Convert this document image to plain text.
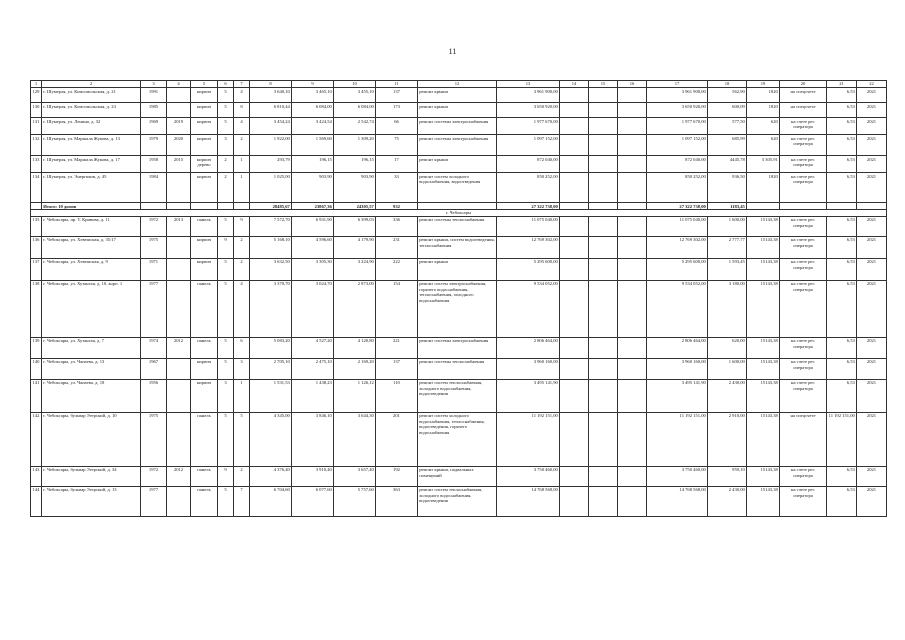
11
1	2	3	4	5	6	7	8	9	10	11	12	13	14	15	16	17	18	19	20	21	22
129	г. Шумерля, ул. Комсомольская, д. 21	1991		кирпич	5	4	3 640,10	3 465,10	3 455,10	137	ремонт крыши	3 961 900,00				3 961 900,00	562,90	1820	на спецсчете	6,53	2021
130	г. Шумерля, ул. Комсомольская, д. 23	1985		кирпич	5	8	6 810,44	6 084,00	6 084,00	173	ремонт крыши	3 650 920,00				3 650 920,00	600,09	1820	на спецсчете	6,53	2021
131	г. Шумерля, ул. Ленина, д. 32	1969	2019	кирпич	5	4	3 454,24	3 424,54	2 542,74	66	ремонт системы электроснабжения	1 977 670,00				1 977 670,00	577,50	620	на счете рег. оператора	6,53	2021
132	г. Шумерля, ул. Маршала Жукова, д. 13	1979	2020	кирпич	3	2	1 922,00	1 569,60	1 309,20	75	ремонт системы электроснабжения	1 097 152,00				1 097 152,00	685,99	620	на счете рег. оператора	6,53	2021
133	г. Шумерля, ул. Маршала Жукова, д. 17	1958	2015	кирпич дерево	2	1	293,79	196,15	196,15	17	ремонт крыши	872 040,00				872 040,00	4445,78	3 305,91	на счете рег. оператора	6,53	2021
134	г. Шумерля, ул. Энергиков, д. 45	1984		кирпич	2	1	1 025,00	903,90	903,90	33	ремонт систем холодного водоснабжения, водоотведения	850 252,00				850 252,00	936,50	1820	на счете рег. оператора	6,53	2021
	Итого: 10 домов						28485,67	23867,36	24305,57	932		27 322 738,00				27 322 738,00	1183,45				
г. Чебоксары																					
135	г. Чебоксары, пр. Т. Кривова, д. 11	1972	2013	панель	5	9	7 572,70	6 931,90	6 399,03	336	ремонт системы теплоснабжения	11 075 040,00				11 075 040,00	1 600,00	15143,38	на счете рег. оператора	6,53	2021
136	г. Чебоксары, ул. Хевешская, д. 35/17	1975		кирпич	9	2	5 168,10	4 596,60	4 179,90	231	ремонт крыши, систем водоотведения, теплоснабжения	12 769 302,00				12 769 302,00	2 777,77	15143,38	на счете рег. оператора	6,53	2021
137	г. Чебоксары, ул. Хевешская, д. 9	1971		кирпич	5	2	3 632,50	3 305,30	3 224,90	222	ремонт крыши	5 295 600,00				5 295 600,00	1 593,45	15143,38	на счете рег. оператора	6,53	2021
138	г. Чебоксары, ул. Хузангая, д. 10, корп. 1	1977		панель	5	4	3 370,70	3 024,70	2 873,00	154	ремонт систем электроснабжения, горячего водоснабжения, теплоснабжения, холодного водоснабжения	9 534 052,00				9 534 052,00	3 180,00	15143,38	на счете рег. оператора	6,53	2021
139	г. Чебоксары, ул. Хузангая, д. 7	1974	2012	панель	5	6	5 083,20	4 527,20	4 120,80	221	ремонт системы электроснабжения	2 806 464,00				2 806 464,00	620,00	15143,38	на счете рег. оператора	6,53	2021
140	г. Чебоксары, ул. Чапаева, д. 13	1967		кирпич	5	3	2 705,10	2 475,10	2 169,20	137	ремонт системы теплоснабжения	3 960 160,00				3 960 160,00	1 600,00	15143,38	на счете рег. оператора	6,53	2021
141	г. Чебоксары, ул. Чапаева, д. 18	1956		кирпич	3	1	1 531,53	1 438,23	1 126,12	110	ремонт систем теплоснабжения, холодного водоснабжения, водоотведения	3 495 141,90				3 495 141,90	2 430,00	15143,38	на счете рег. оператора	6,53	2021
142	г. Чебоксары, бульвар Эгерский, д. 10	1975		панель	5	5	4 345,00	3 846,10	3 644,30	201	ремонт систем холодного водоснабжения, теплоснабжения, водоотведения, горячего водоснабжения	11 192 151,00				11 192 151,00	2 910,00	15143,38	на спецсчете	11 192 151,00	2021
143	г. Чебоксары, бульвар Эгерский, д. 34	1972	2012	панель	9	2	4 376,40	3 910,40	3 657,40	192	ремонт крыши, подвальных помещений	3 750 460,00				3 750 460,00	959,10	15143,38	на счете рег. оператора	6,53	2021
144	г. Чебоксары, бульвар Эгерский, д. 13	1977		панель	5	7	6 704,60	6 077,60	5 757,60	363	ремонт систем теплоснабжения, холодного водоснабжения, водоотведения	14 768 568,00				14 768 568,00	2 430,00	15143,38	на счете рег. оператора	6,53	2021
